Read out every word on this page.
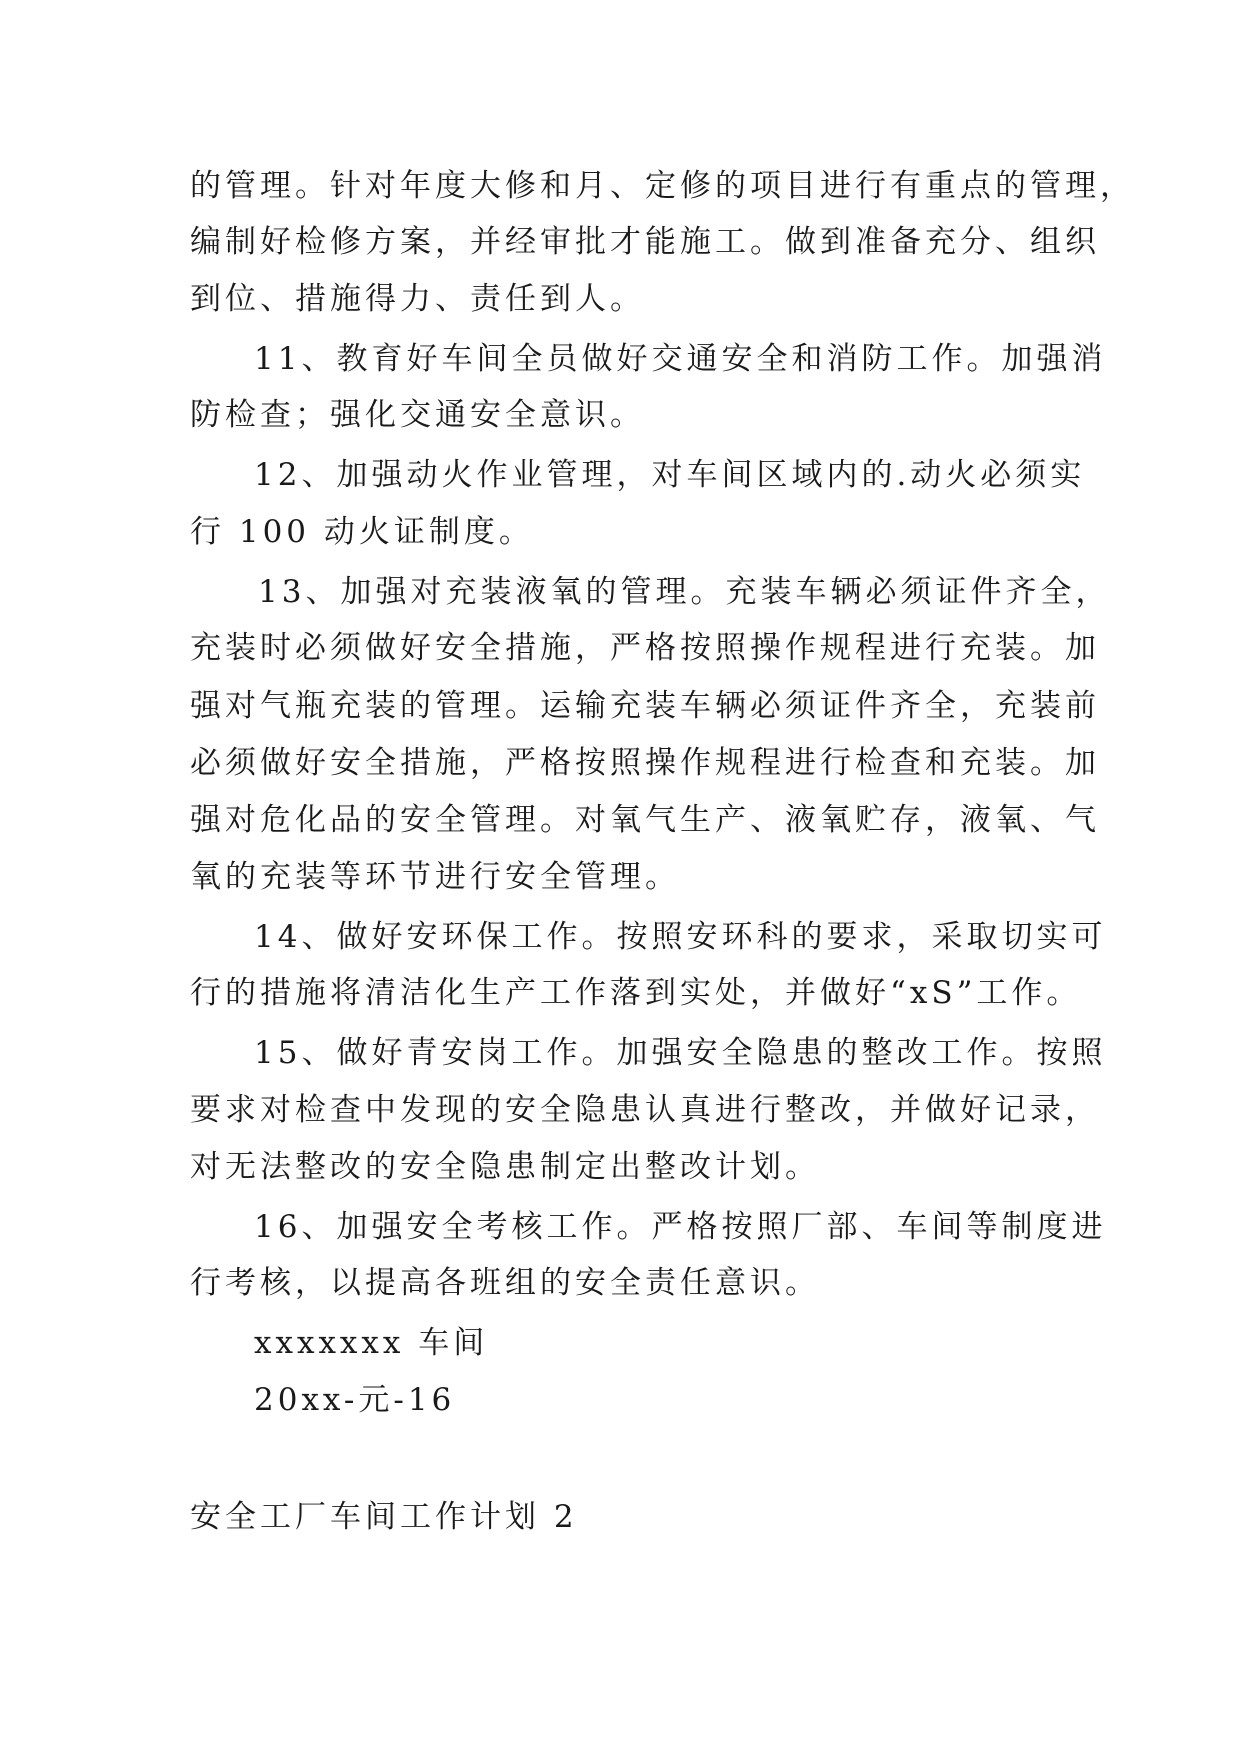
的管理。针对年度大修和月、定修的项目进行有重点的管理，
编制好检修方案，并经审批才能施工。做到准备充分、组织
到位、措施得力、责任到人。
11、教育好车间全员做好交通安全和消防工作。加强消
防检查；强化交通安全意识。
12、加强动火作业管理，对车间区域内的.动火必须实
行 100 动火证制度。
13、加强对充装液氧的管理。充装车辆必须证件齐全，
充装时必须做好安全措施，严格按照操作规程进行充装。加
强对气瓶充装的管理。运输充装车辆必须证件齐全，充装前
必须做好安全措施，严格按照操作规程进行检查和充装。加
强对危化品的安全管理。对氧气生产、液氧贮存，液氧、气
氧的充装等环节进行安全管理。
14、做好安环保工作。按照安环科的要求，采取切实可
行的措施将清洁化生产工作落到实处，并做好“xS”工作。
15、做好青安岗工作。加强安全隐患的整改工作。按照
要求对检查中发现的安全隐患认真进行整改，并做好记录，
对无法整改的安全隐患制定出整改计划。
16、加强安全考核工作。严格按照厂部、车间等制度进
行考核，以提高各班组的安全责任意识。
xxxxxxx 车间
20xx-元-16
安全工厂车间工作计划 2
